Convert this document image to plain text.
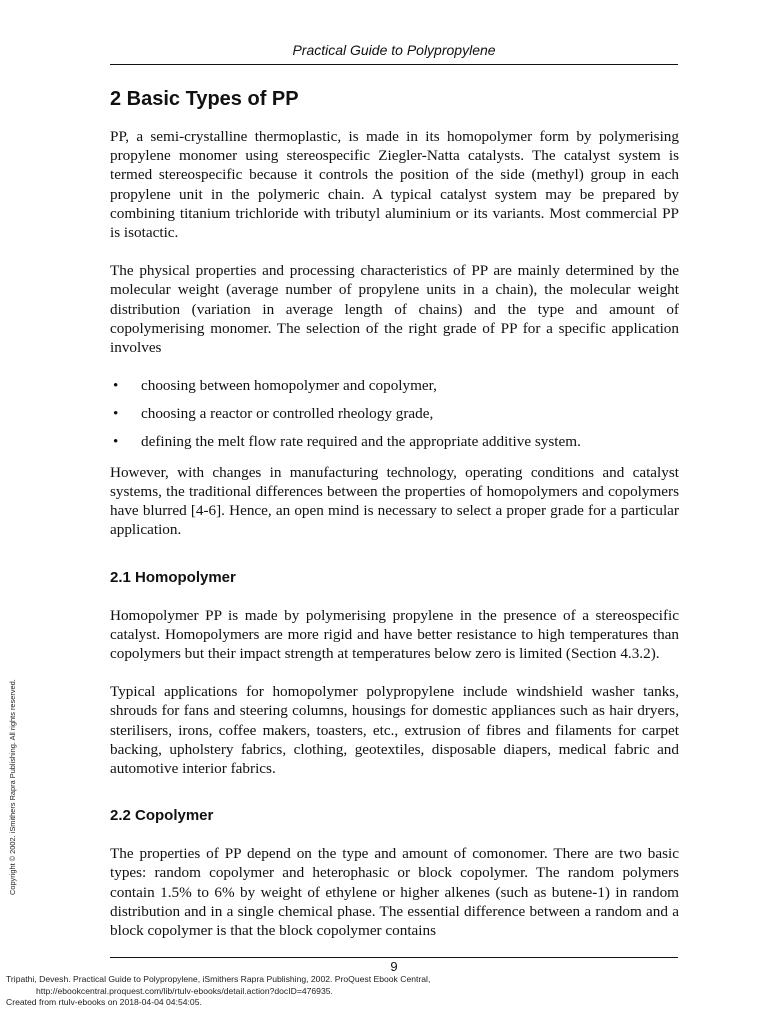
Practical Guide to Polypropylene
2 Basic Types of PP

PP, a semi-crystalline thermoplastic, is made in its homopolymer form by polymerising propylene monomer using stereospecific Ziegler-Natta catalysts. The catalyst system is termed stereospecific because it controls the position of the side (methyl) group in each propylene unit in the polymeric chain. A typical catalyst system may be prepared by combining titanium trichloride with tributyl aluminium or its variants. Most commercial PP is isotactic.

The physical properties and processing characteristics of PP are mainly determined by the molecular weight (average number of propylene units in a chain), the molecular weight distribution (variation in average length of chains) and the type and amount of copolymerising monomer. The selection of the right grade of PP for a specific application involves

• choosing between homopolymer and copolymer,
• choosing a reactor or controlled rheology grade,
• defining the melt flow rate required and the appropriate additive system.

However, with changes in manufacturing technology, operating conditions and catalyst systems, the traditional differences between the properties of homopolymers and copolymers have blurred [4-6]. Hence, an open mind is necessary to select a proper grade for a particular application.

2.1 Homopolymer

Homopolymer PP is made by polymerising propylene in the presence of a stereospecific catalyst. Homopolymers are more rigid and have better resistance to high temperatures than copolymers but their impact strength at temperatures below zero is limited (Section 4.3.2).

Typical applications for homopolymer polypropylene include windshield washer tanks, shrouds for fans and steering columns, housings for domestic appliances such as hair dryers, sterilisers, irons, coffee makers, toasters, etc., extrusion of fibres and filaments for carpet backing, upholstery fabrics, clothing, geotextiles, disposable diapers, medical fabric and automotive interior fabrics.

2.2 Copolymer

The properties of PP depend on the type and amount of comonomer. There are two basic types: random copolymer and heterophasic or block copolymer. The random polymers contain 1.5% to 6% by weight of ethylene or higher alkenes (such as butene-1) in random distribution and in a single chemical phase. The essential difference between a random and a block copolymer is that the block copolymer contains

9
Tripathi, Devesh. Practical Guide to Polypropylene, iSmithers Rapra Publishing, 2002. ProQuest Ebook Central,
http://ebookcentral.proquest.com/lib/rtulv-ebooks/detail.action?docID=476935.
Created from rtulv-ebooks on 2018-04-04 04:54:05.
Copyright © 2002. iSmithers Rapra Publishing. All rights reserved.
